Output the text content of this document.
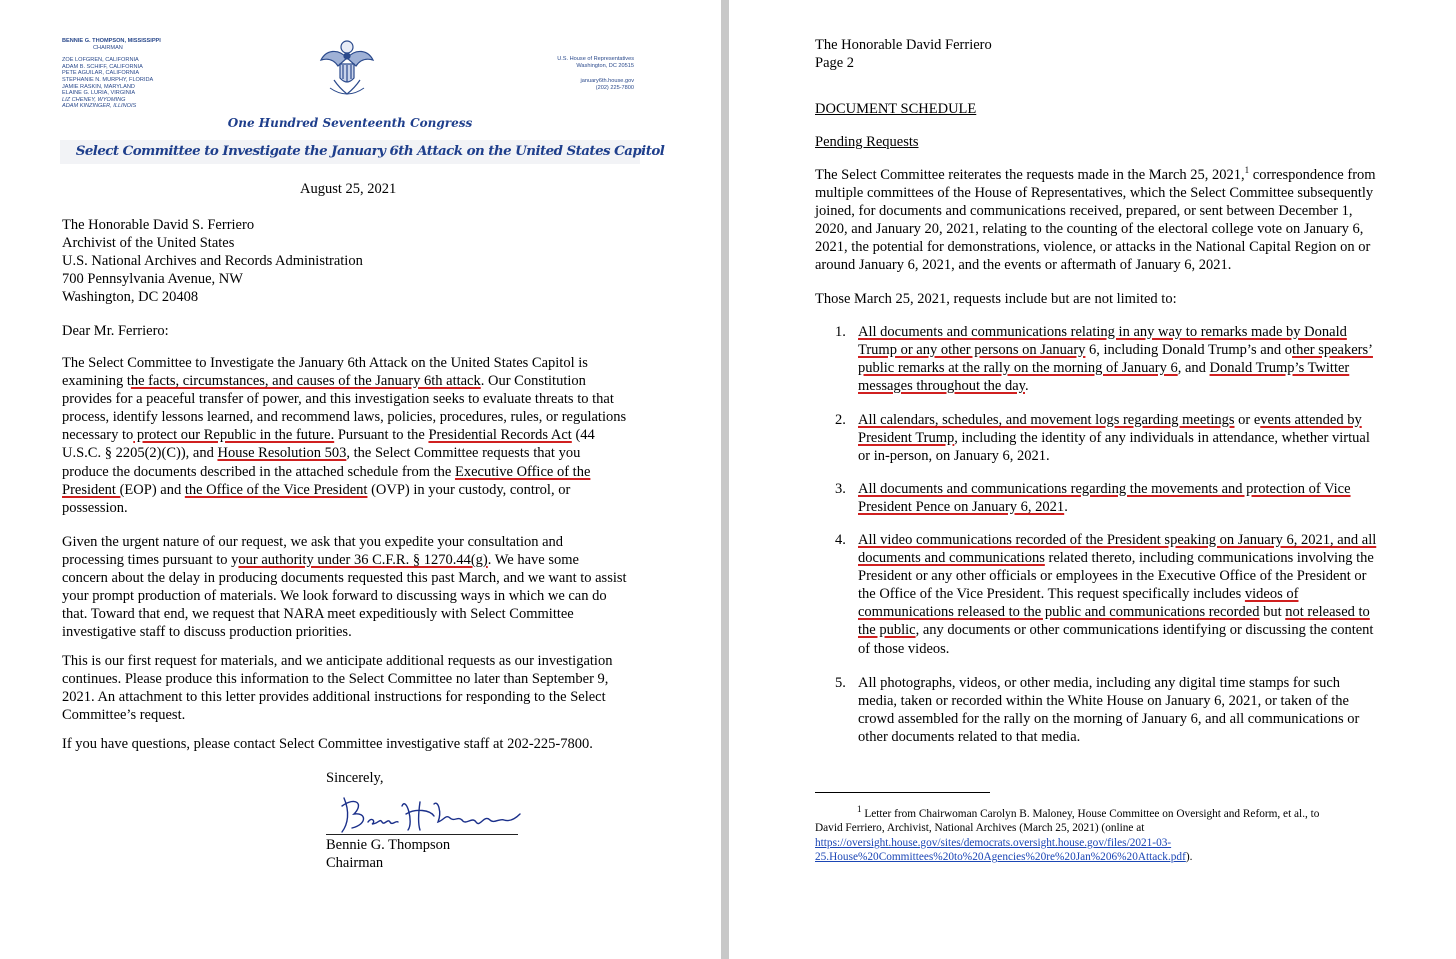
BENNIE G. THOMPSON, MISSISSIPPI
CHAIRMAN
ZOE LOFGREN, CALIFORNIA
ADAM B. SCHIFF, CALIFORNIA
PETE AGUILAR, CALIFORNIA
STEPHANIE N. MURPHY, FLORIDA
JAMIE RASKIN, MARYLAND
ELAINE G. LURIA, VIRGINIA
LIZ CHENEY, WYOMING
ADAM KINZINGER, ILLINOIS
U.S. House of Representatives
Washington, DC 20515
january6th.house.gov
(202) 225-7800
One Hundred Seventeenth Congress
Select Committee to Investigate the January 6th Attack on the United States Capitol
August 25, 2021
The Honorable David S. Ferriero
Archivist of the United States
U.S. National Archives and Records Administration
700 Pennsylvania Avenue, NW
Washington, DC 20408
Dear Mr. Ferriero:
The Select Committee to Investigate the January 6th Attack on the United States Capitol is
examining the facts, circumstances, and causes of the January 6th attack. Our Constitution
provides for a peaceful transfer of power, and this investigation seeks to evaluate threats to that
process, identify lessons learned, and recommend laws, policies, procedures, rules, or regulations
necessary to protect our Republic in the future. Pursuant to the Presidential Records Act (44
U.S.C. § 2205(2)(C)), and House Resolution 503, the Select Committee requests that you
produce the documents described in the attached schedule from the Executive Office of the
President (EOP) and the Office of the Vice President (OVP) in your custody, control, or
possession.
Given the urgent nature of our request, we ask that you expedite your consultation and
processing times pursuant to your authority under 36 C.F.R. § 1270.44(g). We have some
concern about the delay in producing documents requested this past March, and we want to assist
your prompt production of materials. We look forward to discussing ways in which we can do
that. Toward that end, we request that NARA meet expeditiously with Select Committee
investigative staff to discuss production priorities.
This is our first request for materials, and we anticipate additional requests as our investigation
continues. Please produce this information to the Select Committee no later than September 9,
2021. An attachment to this letter provides additional instructions for responding to the Select
Committee’s request.
If you have questions, please contact Select Committee investigative staff at 202-225-7800.
Sincerely,
Bennie G. Thompson
Chairman
The Honorable David Ferriero
Page 2
DOCUMENT SCHEDULE
Pending Requests
The Select Committee reiterates the requests made in the March 25, 2021,$^1$ correspondence from
multiple committees of the House of Representatives, which the Select Committee subsequently
joined, for documents and communications received, prepared, or sent between December 1,
2020, and January 20, 2021, relating to the counting of the electoral college vote on January 6,
2021, the potential for demonstrations, violence, or attacks in the National Capital Region on or
around January 6, 2021, and the events or aftermath of January 6, 2021.
Those March 25, 2021, requests include but are not limited to:
1. All documents and communications relating in any way to remarks made by Donald
Trump or any other persons on January 6, including Donald Trump’s and other speakers’
public remarks at the rally on the morning of January 6, and Donald Trump’s Twitter
messages throughout the day.
2. All calendars, schedules, and movement logs regarding meetings or events attended by
President Trump, including the identity of any individuals in attendance, whether virtual
or in-person, on January 6, 2021.
3. All documents and communications regarding the movements and protection of Vice
President Pence on January 6, 2021.
4. All video communications recorded of the President speaking on January 6, 2021, and all
documents and communications related thereto, including communications involving the
President or any other officials or employees in the Executive Office of the President or
the Office of the Vice President. This request specifically includes videos of
communications released to the public and communications recorded but not released to
the public, any documents or other communications identifying or discussing the content
of those videos.
5. All photographs, videos, or other media, including any digital time stamps for such
media, taken or recorded within the White House on January 6, 2021, or taken of the
crowd assembled for the rally on the morning of January 6, and all communications or
other documents related to that media.
$^1$ Letter from Chairwoman Carolyn B. Maloney, House Committee on Oversight and Reform, et al., to
David Ferriero, Archivist, National Archives (March 25, 2021) (online at
https://oversight.house.gov/sites/democrats.oversight.house.gov/files/2021-03-
25.House%20Committees%20to%20Agencies%20re%20Jan%206%20Attack.pdf).
